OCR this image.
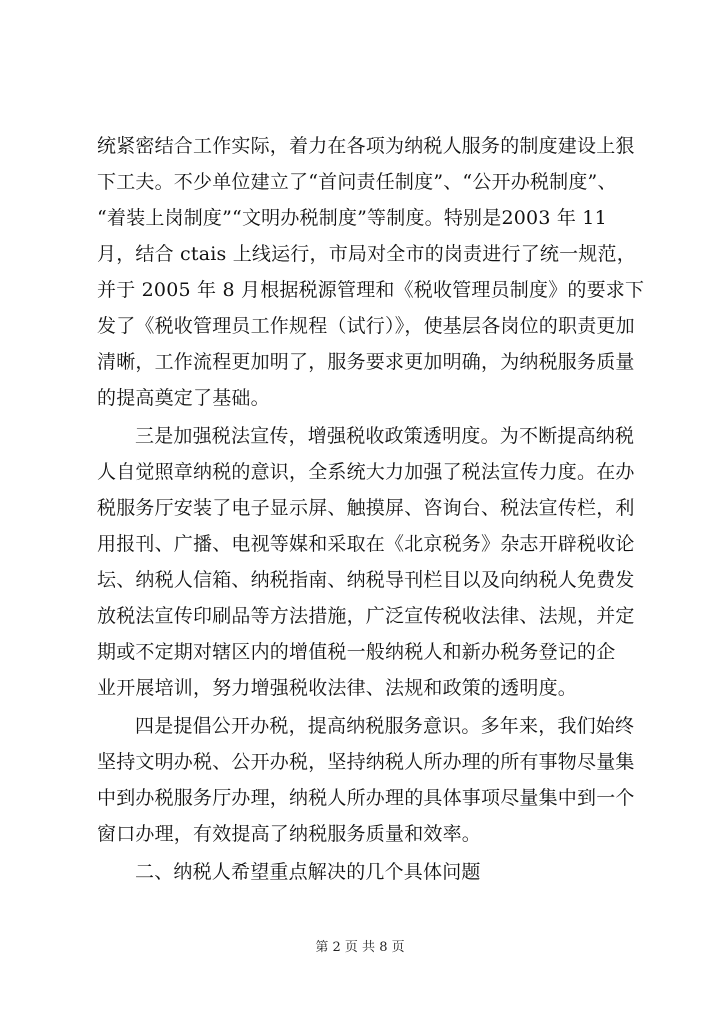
统紧密结合工作实际，着力在各项为纳税人服务的制度建设上狠
下工夫。不少单位建立了“首问责任制度”、“公开办税制度”、
“着装上岗制度”“文明办税制度”等制度。特别是2003 年 11
月，结合 ctais 上线运行，市局对全市的岗责进行了统一规范，
并于 2005 年 8 月根据税源管理和《税收管理员制度》的要求下
发了《税收管理员工作规程（试行）》，使基层各岗位的职责更加
清晰，工作流程更加明了，服务要求更加明确，为纳税服务质量
的提高奠定了基础。
三是加强税法宣传，增强税收政策透明度。为不断提高纳税
人自觉照章纳税的意识，全系统大力加强了税法宣传力度。在办
税服务厅安装了电子显示屏、触摸屏、咨询台、税法宣传栏，利
用报刊、广播、电视等媒和采取在《北京税务》杂志开辟税收论
坛、纳税人信箱、纳税指南、纳税导刊栏目以及向纳税人免费发
放税法宣传印刷品等方法措施，广泛宣传税收法律、法规，并定
期或不定期对辖区内的增值税一般纳税人和新办税务登记的企
业开展培训，努力增强税收法律、法规和政策的透明度。
四是提倡公开办税，提高纳税服务意识。多年来，我们始终
坚持文明办税、公开办税，坚持纳税人所办理的所有事物尽量集
中到办税服务厅办理，纳税人所办理的具体事项尽量集中到一个
窗口办理，有效提高了纳税服务质量和效率。
二、纳税人希望重点解决的几个具体问题
第 2 页 共 8 页
